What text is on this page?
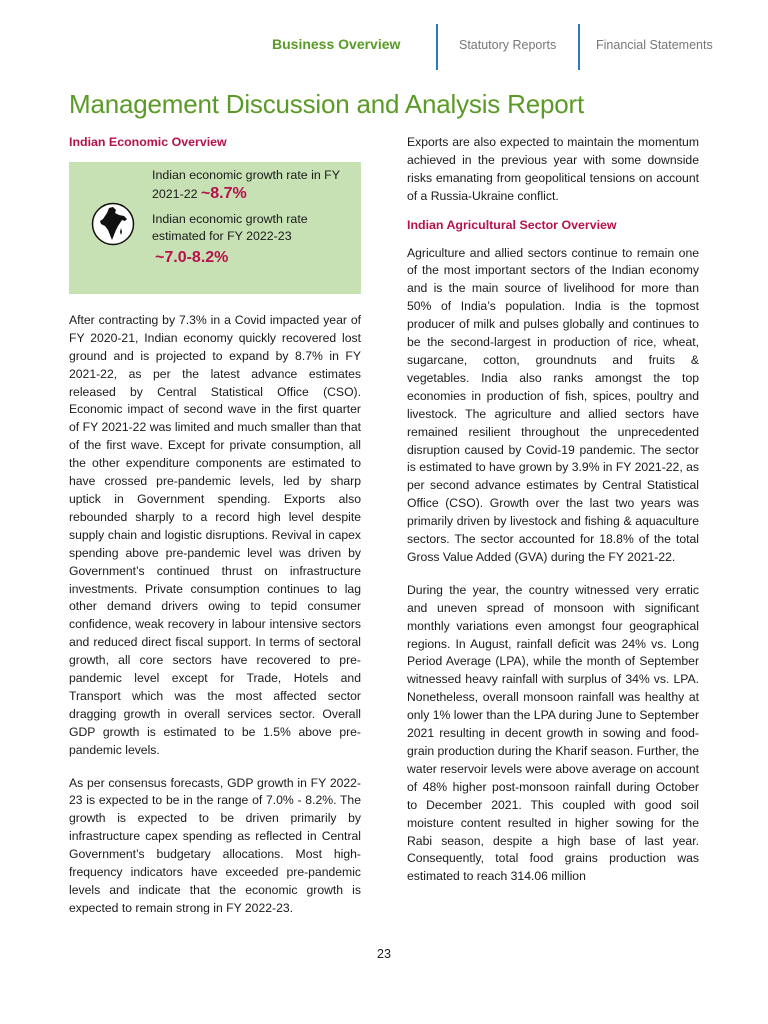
Business Overview	Statutory Reports	Financial Statements
Management Discussion and Analysis Report
Indian Economic Overview

Indian economic growth rate in FY

2021-22 ~8.7%

Indian economic growth rate estimated for FY 2022-23

~7.0-8.2%

After contracting by 7.3% in a Covid impacted year of FY 2020-21, Indian economy quickly recovered lost ground and is projected to expand by 8.7% in FY 2021-22, as per the latest advance estimates released by Central Statistical Office (CSO). Economic impact of second wave in the first quarter of FY 2021-22 was limited and much smaller than that of the first wave. Except for private consumption, all the other expenditure components are estimated to have crossed pre-pandemic levels, led by sharp uptick in Government spending. Exports also rebounded sharply to a record high level despite supply chain and logistic disruptions. Revival in capex spending above pre-pandemic level was driven by Government’s continued thrust on infrastructure investments. Private consumption continues to lag other demand drivers owing to tepid consumer confidence, weak recovery in labour intensive sectors and reduced direct fiscal support. In terms of sectoral growth, all core sectors have recovered to pre-pandemic level except for Trade, Hotels and Transport which was the most affected sector dragging growth in overall services sector. Overall GDP growth is estimated to be 1.5% above pre-pandemic levels.

As per consensus forecasts, GDP growth in FY 2022-23 is expected to be in the range of 7.0% - 8.2%. The growth is expected to be driven primarily by infrastructure capex spending as reflected in Central Government’s budgetary allocations. Most high-frequency indicators have exceeded pre-pandemic levels and indicate that the economic growth is expected to remain strong in FY 2022-23.

Exports are also expected to maintain the momentum achieved in the previous year with some downside risks emanating from geopolitical tensions on account of a Russia-Ukraine conflict.

Indian Agricultural Sector Overview

Agriculture and allied sectors continue to remain one of the most important sectors of the Indian economy and is the main source of livelihood for more than 50% of India’s population. India is the topmost producer of milk and pulses globally and continues to be the second-largest in production of rice, wheat, sugarcane, cotton, groundnuts and fruits & vegetables. India also ranks amongst the top economies in production of fish, spices, poultry and livestock. The agriculture and allied sectors have remained resilient throughout the unprecedented disruption caused by Covid-19 pandemic. The sector is estimated to have grown by 3.9% in FY 2021-22, as per second advance estimates by Central Statistical Office (CSO). Growth over the last two years was primarily driven by livestock and fishing & aquaculture sectors. The sector accounted for 18.8% of the total Gross Value Added (GVA) during the FY 2021-22.

During the year, the country witnessed very erratic and uneven spread of monsoon with significant monthly variations even amongst four geographical regions. In August, rainfall deficit was 24% vs. Long Period Average (LPA), while the month of September witnessed heavy rainfall with surplus of 34% vs. LPA. Nonetheless, overall monsoon rainfall was healthy at only 1% lower than the LPA during June to September 2021 resulting in decent growth in sowing and food-grain production during the Kharif season. Further, the water reservoir levels were above average on account of 48% higher post-monsoon rainfall during October to December 2021. This coupled with good soil moisture content resulted in higher sowing for the Rabi season, despite a high base of last year. Consequently, total food grains production was estimated to reach 314.06 million

23
